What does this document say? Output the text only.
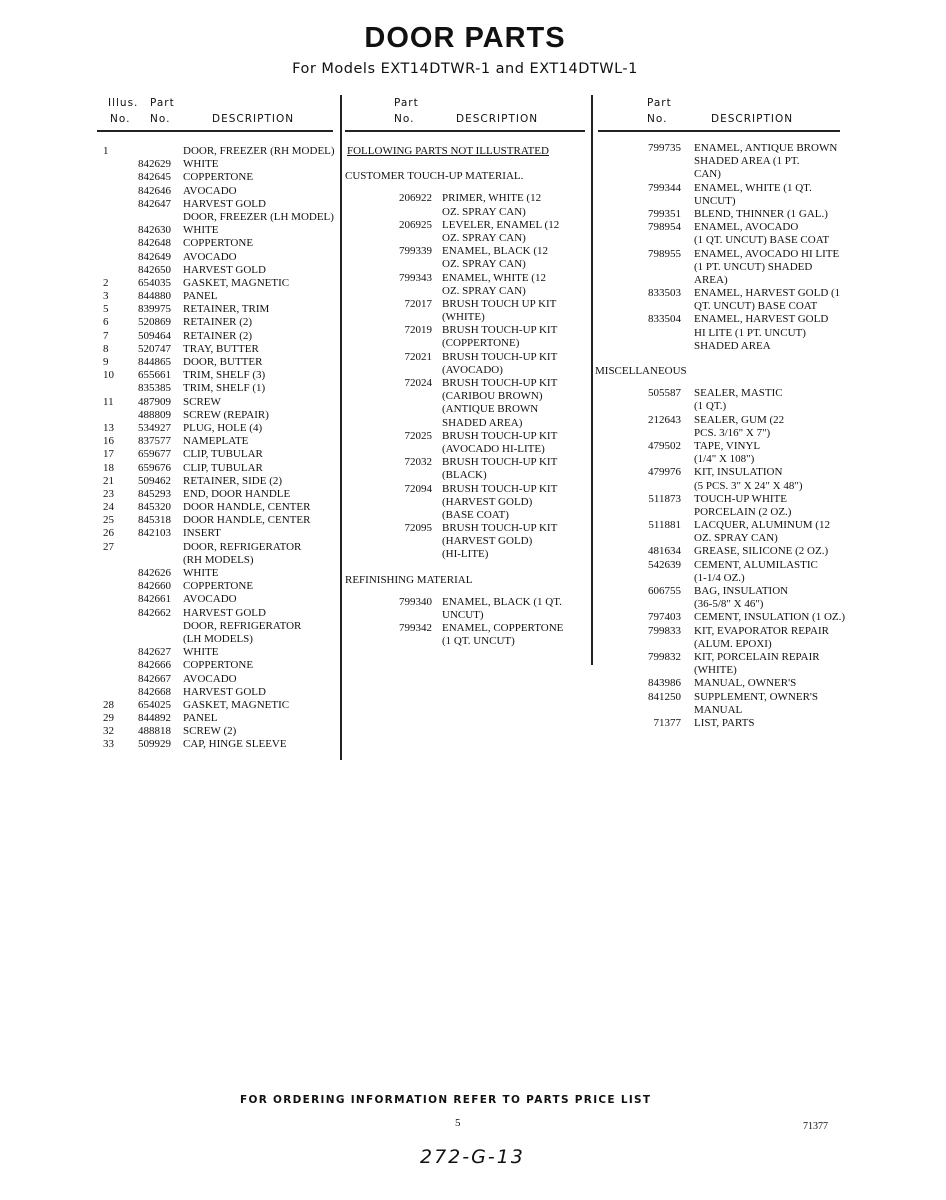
DOOR PARTS
For Models EXT14DTWR-1 and EXT14DTWL-1
Illus. Part
No. No.	DESCRIPTION
Part
No.	DESCRIPTION
Part
No.	DESCRIPTION
1	DOOR, FREEZER (RH MODEL)
842629 WHITE
842645 COPPERTONE
842646 AVOCADO
842647 HARVEST GOLD
DOOR, FREEZER (LH MODEL)
842630 WHITE
842648 COPPERTONE
842649 AVOCADO
842650 HARVEST GOLD
2	654035 GASKET, MAGNETIC
3	844880 PANEL
5	839975 RETAINER, TRIM
6	520869 RETAINER (2)
7	509464 RETAINER (2)
8	520747 TRAY, BUTTER
9	844865 DOOR, BUTTER
10	655661 TRIM, SHELF (3)
835385 TRIM, SHELF (1)
11	487909 SCREW
488809 SCREW (REPAIR)
13	534927 PLUG, HOLE (4)
16	837577 NAMEPLATE
17	659677 CLIP, TUBULAR
18	659676 CLIP, TUBULAR
21	509462 RETAINER, SIDE (2)
23	845293 END, DOOR HANDLE
24	845320 DOOR HANDLE, CENTER
25	845318 DOOR HANDLE, CENTER
26	842103 INSERT
27	DOOR, REFRIGERATOR
(RH MODELS)
842626 WHITE
842660 COPPERTONE
842661 AVOCADO
842662 HARVEST GOLD
DOOR, REFRIGERATOR
(LH MODELS)
842627 WHITE
842666 COPPERTONE
842667 AVOCADO
842668 HARVEST GOLD
28	654025 GASKET, MAGNETIC
29	844892 PANEL
32	488818 SCREW (2)
33	509929 CAP, HINGE SLEEVE
FOLLOWING PARTS NOT ILLUSTRATED
CUSTOMER TOUCH-UP MATERIAL.
206922 PRIMER, WHITE (12
OZ. SPRAY CAN)
206925 LEVELER, ENAMEL (12
OZ. SPRAY CAN)
799339 ENAMEL, BLACK (12
OZ. SPRAY CAN)
799343 ENAMEL, WHITE (12
OZ. SPRAY CAN)
72017 BRUSH TOUCH UP KIT
(WHITE)
72019 BRUSH TOUCH-UP KIT
(COPPERTONE)
72021 BRUSH TOUCH-UP KIT
(AVOCADO)
72024 BRUSH TOUCH-UP KIT
(CARIBOU BROWN)
(ANTIQUE BROWN
SHADED AREA)
72025 BRUSH TOUCH-UP KIT
(AVOCADO HI-LITE)
72032 BRUSH TOUCH-UP KIT
(BLACK)
72094 BRUSH TOUCH-UP KIT
(HARVEST GOLD)
(BASE COAT)
72095 BRUSH TOUCH-UP KIT
(HARVEST GOLD)
(HI-LITE)
REFINISHING MATERIAL
799340 ENAMEL, BLACK (1 QT.
UNCUT)
799342 ENAMEL, COPPERTONE
(1 QT. UNCUT)
799735 ENAMEL, ANTIQUE BROWN
SHADED AREA (1 PT.
CAN)
799344 ENAMEL, WHITE (1 QT.
UNCUT)
799351 BLEND, THINNER (1 GAL.)
798954 ENAMEL, AVOCADO
(1 QT. UNCUT) BASE COAT
798955 ENAMEL, AVOCADO HI LITE
(1 PT. UNCUT) SHADED
AREA)
833503 ENAMEL, HARVEST GOLD (1
QT. UNCUT) BASE COAT
833504 ENAMEL, HARVEST GOLD
HI LITE (1 PT. UNCUT)
SHADED AREA
MISCELLANEOUS
505587 SEALER, MASTIC
(1 QT.)
212643 SEALER, GUM (22
PCS. 3/16" X 7")
479502 TAPE, VINYL
(1/4" X 108")
479976 KIT, INSULATION
(5 PCS. 3" X 24" X 48")
511873 TOUCH-UP WHITE
PORCELAIN (2 OZ.)
511881 LACQUER, ALUMINUM (12
OZ. SPRAY CAN)
481634 GREASE, SILICONE (2 OZ.)
542639 CEMENT, ALUMILASTIC
(1-1/4 OZ.)
606755 BAG, INSULATION
(36-5/8" X 46")
797403 CEMENT, INSULATION (1 OZ.)
799833 KIT, EVAPORATOR REPAIR
(ALUM. EPOXI)
799832 KIT, PORCELAIN REPAIR
(WHITE)
843986 MANUAL, OWNER'S
841250 SUPPLEMENT, OWNER'S
MANUAL
71377 LIST, PARTS
FOR ORDERING INFORMATION REFER TO PARTS PRICE LIST
5	71377
272-G-13
